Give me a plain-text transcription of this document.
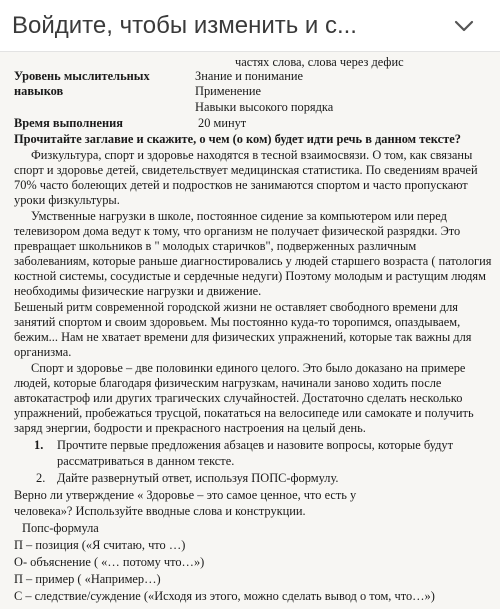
Войдите, чтобы изменить и с...
частях слова, слова через дефис
Уровень мыслительных
навыков
Знание и понимание
Применение
Навыки высокого порядка
Время выполнения	20 минут
Прочитайте заглавие и скажите, о чем (о ком) будет идти речь в данном тексте?
Физкультура, спорт и здоровье находятся в тесной взаимосвязи. О том, как связаны
спорт и здоровье детей, свидетельствует медицинская статистика. По сведениям врачей
70% часто болеющих детей и подростков не занимаются спортом и часто пропускают
уроки физкультуры.
Умственные нагрузки в школе, постоянное сидение за компьютером или перед
телевизором дома ведут к тому, что организм не получает физической разрядки. Это
превращает школьников в " молодых старичков", подверженных различным
заболеваниям, которые раньше диагностировались у людей старшего возраста ( патология
костной системы, сосудистые и сердечные недуги) Поэтому молодым и растущим людям
необходимы физические нагрузки и движение.
Бешеный ритм современной городской жизни не оставляет свободного времени для
занятий спортом и своим здоровьем. Мы постоянно куда-то торопимся, опаздываем,
бежим... Нам не хватает времени для физических упражнений, которые так важны для
организма.
Спорт и здоровье – две половинки единого целого. Это было доказано на примере
людей, которые благодаря физическим нагрузкам, начинали заново ходить после
автокатастроф или других трагических случайностей. Достаточно сделать несколько
упражнений, пробежаться трусцой, покататься на велосипеде или самокате и получить
заряд энергии, бодрости и прекрасного настроения на целый день.
1. Прочтите первые предложения абзацев и назовите вопросы, которые будут
рассматриваться в данном тексте.
2. Дайте развернутый ответ, используя ПОПС-формулу.
Верно ли утверждение « Здоровье – это самое ценное, что есть у
человека»? Используйте вводные слова и конструкции.
Попс-формула
П – позиция («Я считаю, что …)
О- объяснение ( «… потому что…»)
П – пример ( «Например…)
С – следствие/суждение («Исходя из этого, можно сделать вывод о том, что…»)
